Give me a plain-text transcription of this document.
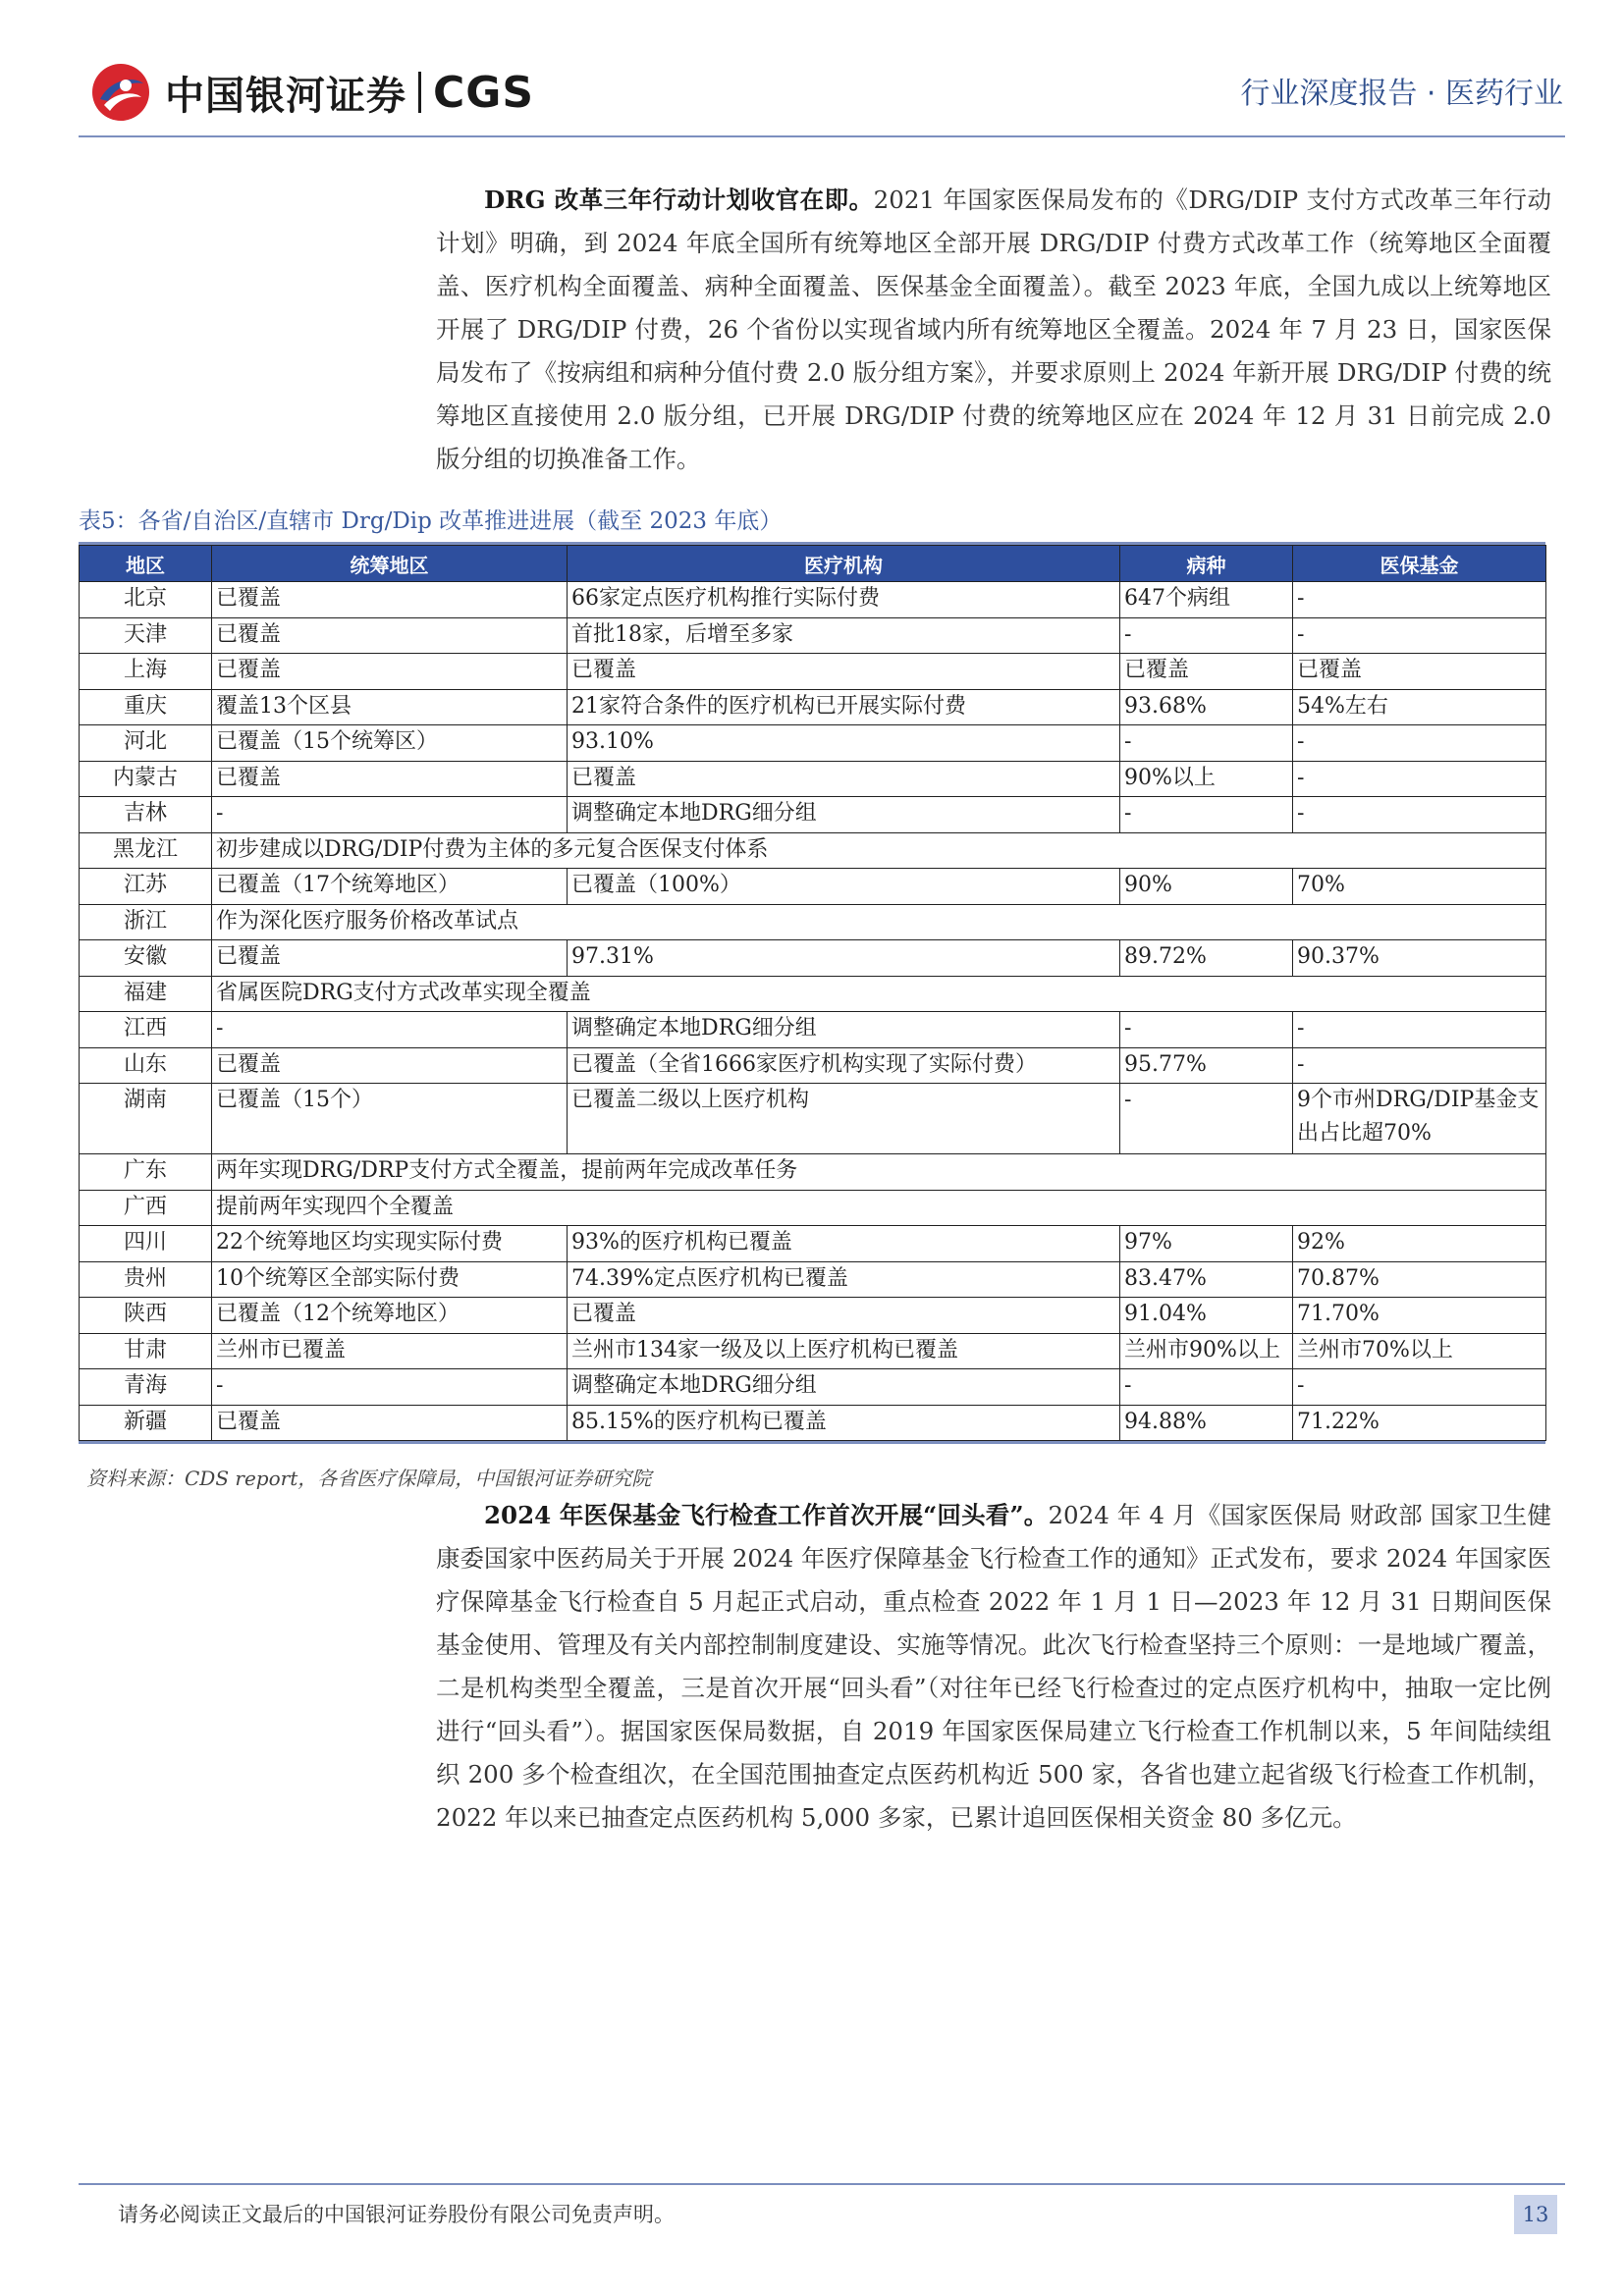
中国银河证券 CGS	行业深度报告 · 医药行业
DRG 改革三年行动计划收官在即。2021 年国家医保局发布的《DRG/DIP 支付方式改革三年行动计划》明确，到 2024 年底全国所有统筹地区全部开展 DRG/DIP 付费方式改革工作（统筹地区全面覆盖、医疗机构全面覆盖、病种全面覆盖、医保基金全面覆盖）。截至 2023 年底，全国九成以上统筹地区开展了 DRG/DIP 付费，26 个省份以实现省域内所有统筹地区全覆盖。2024 年 7 月 23 日，国家医保局发布了《按病组和病种分值付费 2.0 版分组方案》，并要求原则上 2024 年新开展 DRG/DIP 付费的统筹地区直接使用 2.0 版分组，已开展 DRG/DIP 付费的统筹地区应在 2024 年 12 月 31 日前完成 2.0 版分组的切换准备工作。
表5：各省/自治区/直辖市 Drg/Dip 改革推进进展（截至 2023 年底）
地区	统筹地区	医疗机构	病种	医保基金
北京	已覆盖	66家定点医疗机构推行实际付费	647个病组	-
天津	已覆盖	首批18家，后增至多家	-	-
上海	已覆盖	已覆盖	已覆盖	已覆盖
重庆	覆盖13个区县	21家符合条件的医疗机构已开展实际付费	93.68%	54%左右
河北	已覆盖（15个统筹区）	93.10%	-	-
内蒙古	已覆盖	已覆盖	90%以上	-
吉林	-	调整确定本地DRG细分组	-	-
黑龙江	初步建成以DRG/DIP付费为主体的多元复合医保支付体系			
江苏	已覆盖（17个统筹地区）	已覆盖（100%）	90%	70%
浙江	作为深化医疗服务价格改革试点			
安徽	已覆盖	97.31%	89.72%	90.37%
福建	省属医院DRG支付方式改革实现全覆盖			
江西	-	调整确定本地DRG细分组	-	-
山东	已覆盖	已覆盖（全省1666家医疗机构实现了实际付费）	95.77%	-
湖南	已覆盖（15个）	已覆盖二级以上医疗机构	-	9个市州DRG/DIP基金支出占比超70%
广东	两年实现DRG/DRP支付方式全覆盖，提前两年完成改革任务			
广西	提前两年实现四个全覆盖			
四川	22个统筹地区均实现实际付费	93%的医疗机构已覆盖	97%	92%
贵州	10个统筹区全部实际付费	74.39%定点医疗机构已覆盖	83.47%	70.87%
陕西	已覆盖（12个统筹地区）	已覆盖	91.04%	71.70%
甘肃	兰州市已覆盖	兰州市134家一级及以上医疗机构已覆盖	兰州市90%以上	兰州市70%以上
青海	-	调整确定本地DRG细分组	-	-
新疆	已覆盖	85.15%的医疗机构已覆盖	94.88%	71.22%
资料来源：CDS report，各省医疗保障局，中国银河证券研究院
2024 年医保基金飞行检查工作首次开展“回头看”。2024 年 4 月《国家医保局 财政部 国家卫生健康委国家中医药局关于开展 2024 年医疗保障基金飞行检查工作的通知》正式发布，要求 2024 年国家医疗保障基金飞行检查自 5 月起正式启动，重点检查 2022 年 1 月 1 日—2023 年 12 月 31 日期间医保基金使用、管理及有关内部控制制度建设、实施等情况。此次飞行检查坚持三个原则：一是地域广覆盖，二是机构类型全覆盖，三是首次开展“回头看”（对往年已经飞行检查过的定点医疗机构中，抽取一定比例进行“回头看”）。据国家医保局数据，自 2019 年国家医保局建立飞行检查工作机制以来，5 年间陆续组织 200 多个检查组次，在全国范围抽查定点医药机构近 500 家，各省也建立起省级飞行检查工作机制，2022 年以来已抽查定点医药机构 5,000 多家，已累计追回医保相关资金 80 多亿元。
请务必阅读正文最后的中国银河证券股份有限公司免责声明。	13
